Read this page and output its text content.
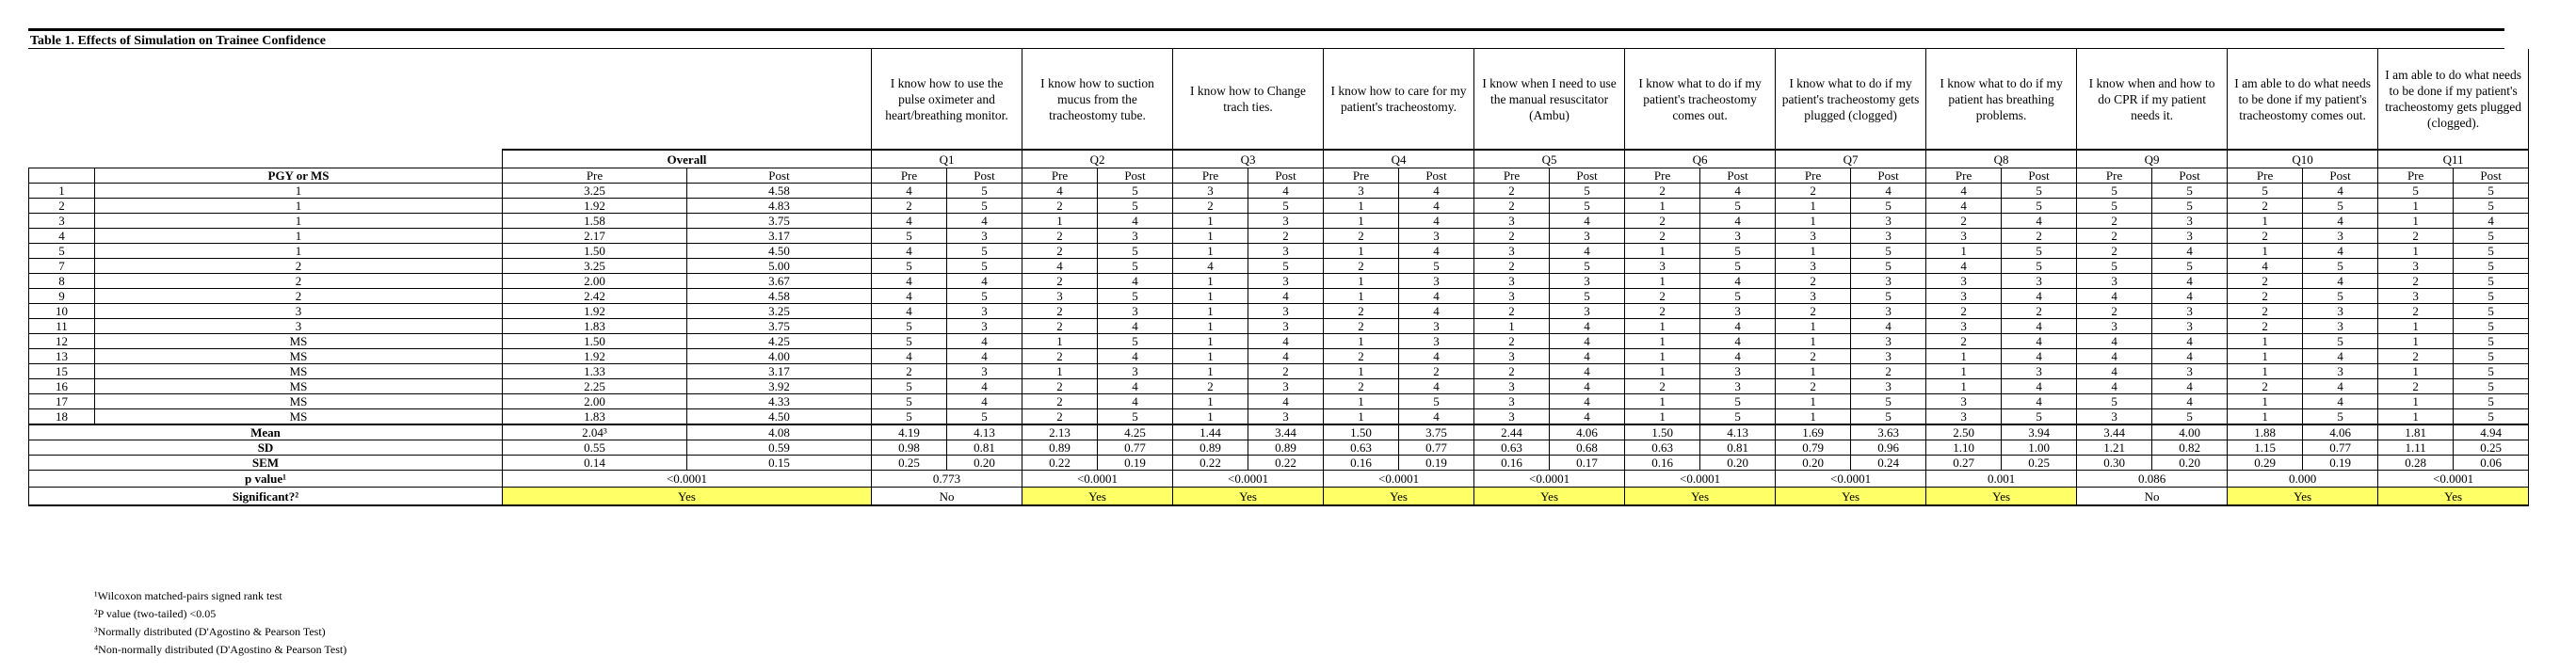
Table 1. Effects of Simulation on Trainee Confidence
				I know how to use the pulse oximeter and heart/breathing monitor.		I know how to suction mucus from the tracheostomy tube.		I know how to Change trach ties.		I know how to care for my patient's tracheostomy.		I know when I need to use the manual resuscitator (Ambu)		I know what to do if my patient's tracheostomy comes out.		I know what to do if my patient's tracheostomy gets plugged (clogged)		I know what to do if my patient has breathing problems.		I know when and how to do CPR if my patient needs it.		I am able to do what needs to be done if my patient's tracheostomy comes out.		I am able to do what needs to be done if my patient's tracheostomy gets plugged (clogged).	
		Overall		Q1		Q2		Q3		Q4		Q5		Q6		Q7		Q8		Q9		Q10		Q11	
	PGY or MS	Pre	Post	Pre	Post	Pre	Post	Pre	Post	Pre	Post	Pre	Post	Pre	Post	Pre	Post	Pre	Post	Pre	Post	Pre	Post	Pre	Post
1	1	3.25	4.58	4	5	4	5	3	4	3	4	2	5	2	4	2	4	4	5	5	5	5	4	5	5
2	1	1.92	4.83	2	5	2	5	2	5	1	4	2	5	1	5	1	5	4	5	5	5	2	5	1	5
3	1	1.58	3.75	4	4	1	4	1	3	1	4	3	4	2	4	1	3	2	4	2	3	1	4	1	4
4	1	2.17	3.17	5	3	2	3	1	2	2	3	2	3	2	3	3	3	3	2	2	3	2	3	2	5
5	1	1.50	4.50	4	5	2	5	1	3	1	4	3	4	1	5	1	5	1	5	2	4	1	4	1	5
7	2	3.25	5.00	5	5	4	5	4	5	2	5	2	5	3	5	3	5	4	5	5	5	4	5	3	5
8	2	2.00	3.67	4	4	2	4	1	3	1	3	3	3	1	4	2	3	3	3	3	4	2	4	2	5
9	2	2.42	4.58	4	5	3	5	1	4	1	4	3	5	2	5	3	5	3	4	4	4	2	5	3	5
10	3	1.92	3.25	4	3	2	3	1	3	2	4	2	3	2	3	2	3	2	2	2	3	2	3	2	5
11	3	1.83	3.75	5	3	2	4	1	3	2	3	1	4	1	4	1	4	3	4	3	3	2	3	1	5
12	MS	1.50	4.25	5	4	1	5	1	4	1	3	2	4	1	4	1	3	2	4	4	4	1	5	1	5
13	MS	1.92	4.00	4	4	2	4	1	4	2	4	3	4	1	4	2	3	1	4	4	4	1	4	2	5
15	MS	1.33	3.17	2	3	1	3	1	2	1	2	2	4	1	3	1	2	1	3	4	3	1	3	1	5
16	MS	2.25	3.92	5	4	2	4	2	3	2	4	3	4	2	3	2	3	1	4	4	4	2	4	2	5
17	MS	2.00	4.33	5	4	2	4	1	4	1	5	3	4	1	5	1	5	3	4	5	4	1	4	1	5
18	MS	1.83	4.50	5	5	2	5	1	3	1	4	3	4	1	5	1	5	3	5	3	5	1	5	1	5
Mean		2.04³	4.08	4.19	4.13	2.13	4.25	1.44	3.44	1.50	3.75	2.44	4.06	1.50	4.13	1.69	3.63	2.50	3.94	3.44	4.00	1.88	4.06	1.81	4.94
SD		0.55	0.59	0.98	0.81	0.89	0.77	0.89	0.89	0.63	0.77	0.63	0.68	0.63	0.81	0.79	0.96	1.10	1.00	1.21	0.82	1.15	0.77	1.11	0.25
SEM		0.14	0.15	0.25	0.20	0.22	0.19	0.22	0.22	0.16	0.19	0.16	0.17	0.16	0.20	0.20	0.24	0.27	0.25	0.30	0.20	0.29	0.19	0.28	0.06
p value¹		<0.0001		0.773		<0.0001		<0.0001		<0.0001		<0.0001		<0.0001		<0.0001		0.001		0.086		0.000		<0.0001	
Significant?²		Yes		No		Yes		Yes		Yes		Yes		Yes		Yes		Yes		No		Yes		Yes	
¹Wilcoxon matched-pairs signed rank test
²P value (two-tailed) <0.05
³Normally distributed (D'Agostino & Pearson Test)
⁴Non-normally distributed (D'Agostino & Pearson Test)
